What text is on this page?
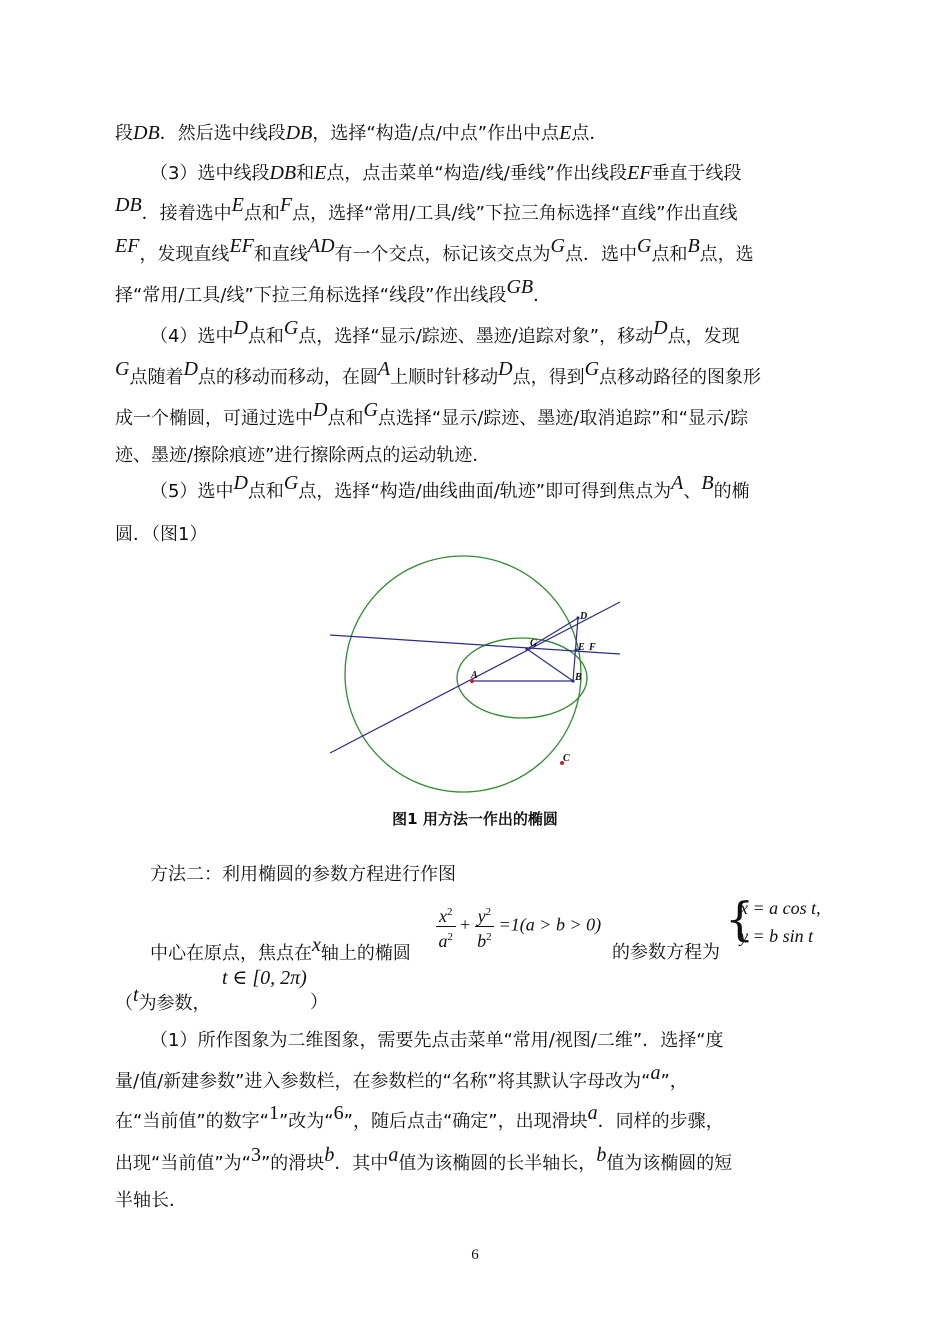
段DB．然后选中线段DB，选择“构造/点/中点”作出中点E点．
（3）选中线段DB和E点，点击菜单“构造/线/垂线”作出线段EF垂直于线段
DB．接着选中E点和F点，选择“常用/工具/线”下拉三角标选择“直线”作出直线
EF，发现直线EF和直线AD有一个交点，标记该交点为G点．选中G点和B点，选
择“常用/工具/线”下拉三角标选择“线段”作出线段GB．
（4）选中D点和G点，选择“显示/踪迹、墨迹/追踪对象”，移动D点，发现
G点随着D点的移动而移动，在圆A上顺时针移动D点，得到G点移动路径的图象形
成一个椭圆，可通过选中D点和G点选择“显示/踪迹、墨迹/取消追踪”和“显示/踪
迹、墨迹/擦除痕迹”进行擦除两点的运动轨迹．
（5）选中D点和G点，选择“构造/曲线曲面/轨迹”即可得到焦点为A、B的椭
圆．（图1）
A	B
C
D
E F
G
图1 用方法一作出的椭圆
方法二：利用椭圆的参数方程进行作图
$\frac{x^2}{a^2} + \frac{y^2}{b^2} =1(a > b > 0)$
中心在原点，焦点在x轴上的椭圆	的参数方程为
{
x = a cos t,
y = b sin t
t ∈ [0, 2π)
（t为参数，	）
（1）所作图象为二维图象，需要先点击菜单“常用/视图/二维”．选择“度
量/值/新建参数”进入参数栏，在参数栏的“名称”将其默认字母改为“a”，
在“当前值”的数字“1”改为“6”，随后点击“确定”，出现滑块a．同样的步骤，
出现“当前值”为“3”的滑块b．其中a值为该椭圆的长半轴长，b值为该椭圆的短
半轴长．
6
